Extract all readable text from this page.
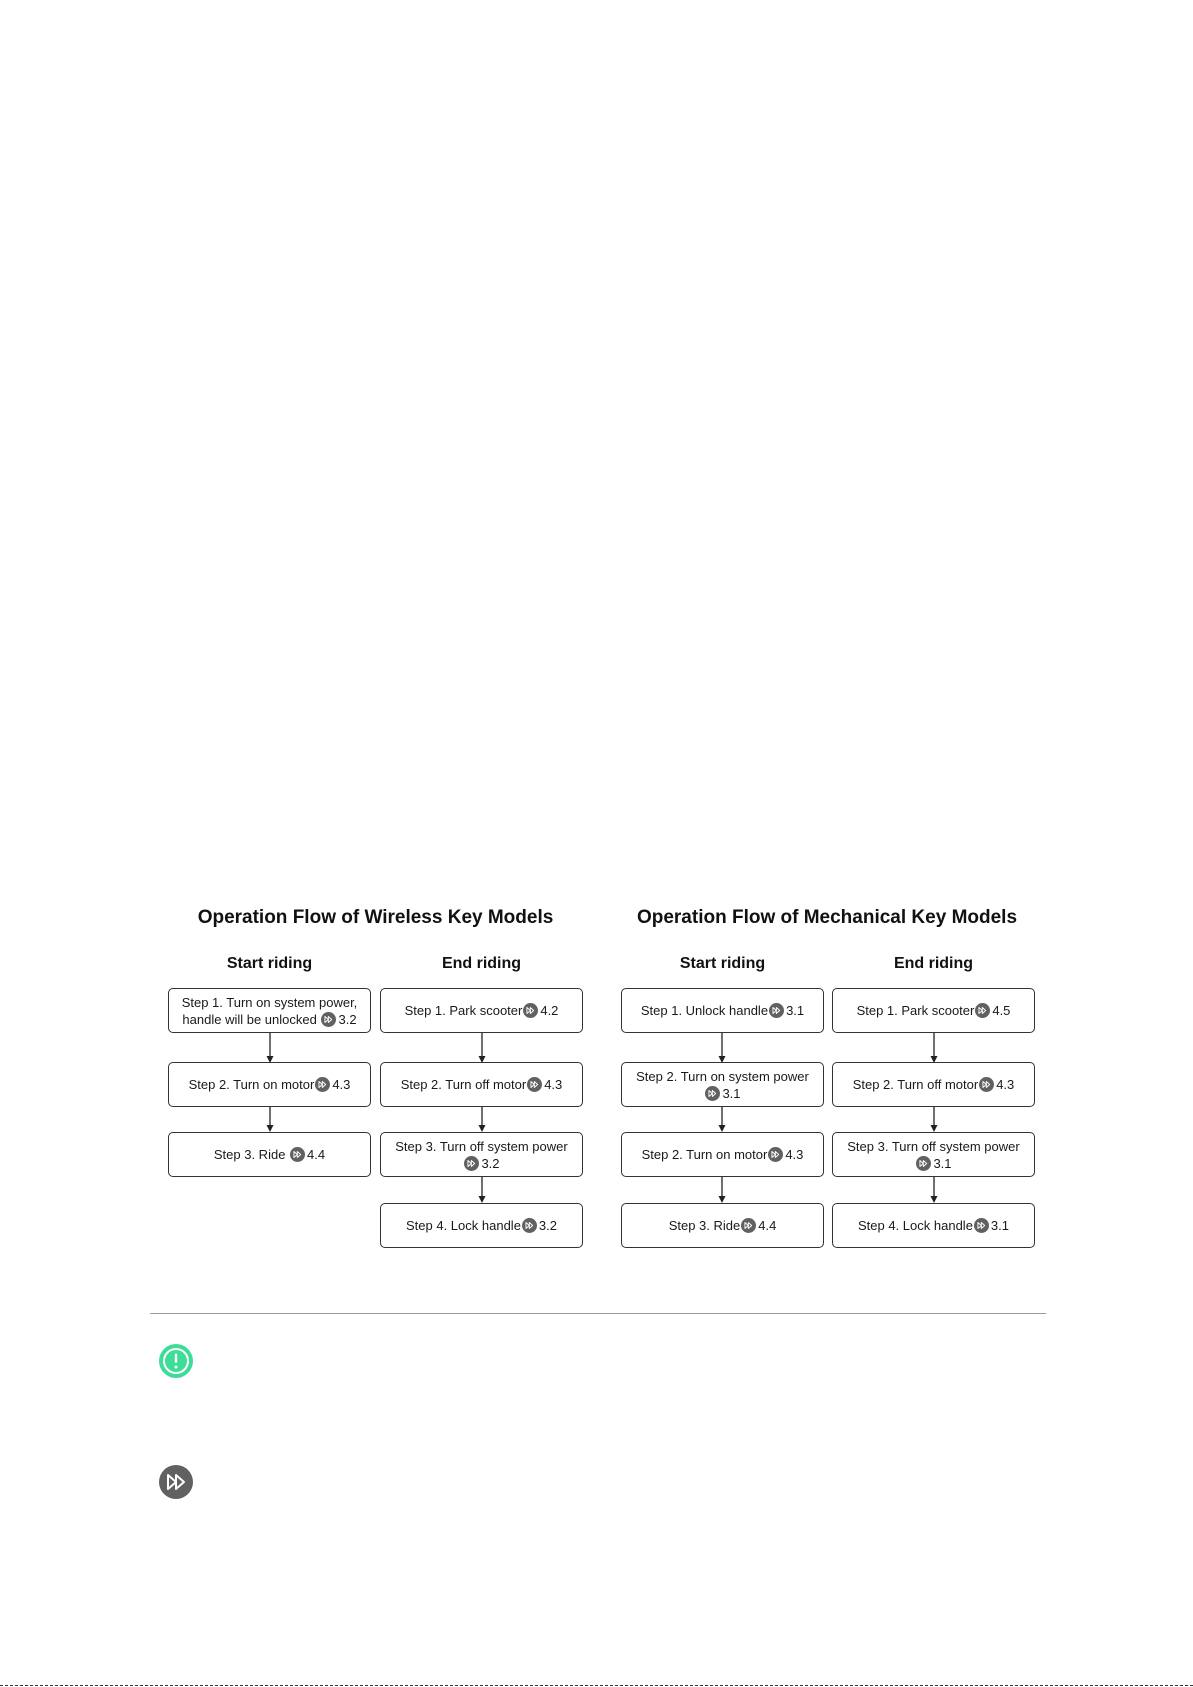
Operation Flow of Wireless Key Models	Operation Flow of Mechanical Key Models
Start riding	End riding	Start riding	End riding
Step 1. Turn on system power, handle will be unlocked 3.2
Step 2. Turn on motor 4.3
Step 3. Ride 4.4
Step 1. Park scooter 4.2
Step 2. Turn off motor 4.3
Step 3. Turn off system power

3.2
Step 4. Lock handle 3.2
Step 1. Unlock handle 3.1
Step 2. Turn on system power

3.1
Step 2. Turn on motor 4.3
Step 3. Ride 4.4
Step 1. Park scooter 4.5
Step 2. Turn off motor 4.3
Step 3. Turn off system power

3.1
Step 4. Lock handle 3.1
